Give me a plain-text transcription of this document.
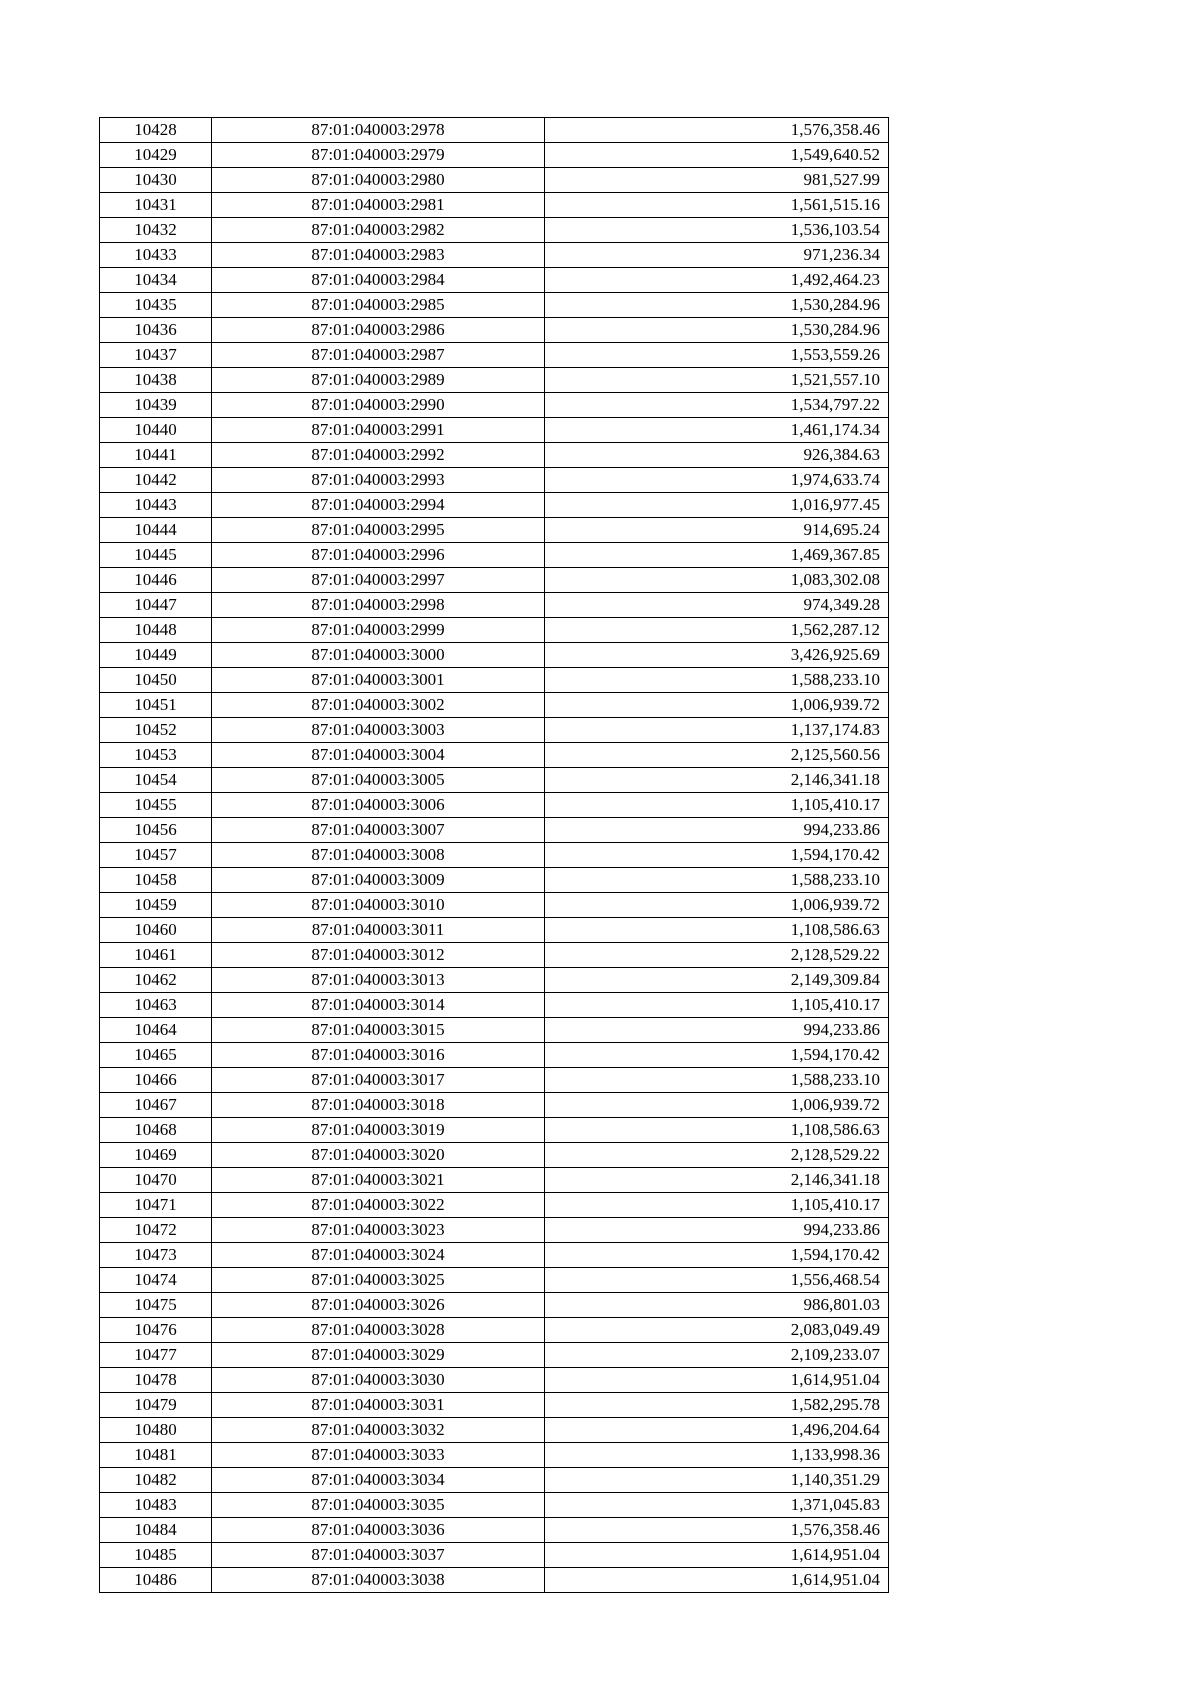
10428	87:01:040003:2978	1,576,358.46
10429	87:01:040003:2979	1,549,640.52
10430	87:01:040003:2980	981,527.99
10431	87:01:040003:2981	1,561,515.16
10432	87:01:040003:2982	1,536,103.54
10433	87:01:040003:2983	971,236.34
10434	87:01:040003:2984	1,492,464.23
10435	87:01:040003:2985	1,530,284.96
10436	87:01:040003:2986	1,530,284.96
10437	87:01:040003:2987	1,553,559.26
10438	87:01:040003:2989	1,521,557.10
10439	87:01:040003:2990	1,534,797.22
10440	87:01:040003:2991	1,461,174.34
10441	87:01:040003:2992	926,384.63
10442	87:01:040003:2993	1,974,633.74
10443	87:01:040003:2994	1,016,977.45
10444	87:01:040003:2995	914,695.24
10445	87:01:040003:2996	1,469,367.85
10446	87:01:040003:2997	1,083,302.08
10447	87:01:040003:2998	974,349.28
10448	87:01:040003:2999	1,562,287.12
10449	87:01:040003:3000	3,426,925.69
10450	87:01:040003:3001	1,588,233.10
10451	87:01:040003:3002	1,006,939.72
10452	87:01:040003:3003	1,137,174.83
10453	87:01:040003:3004	2,125,560.56
10454	87:01:040003:3005	2,146,341.18
10455	87:01:040003:3006	1,105,410.17
10456	87:01:040003:3007	994,233.86
10457	87:01:040003:3008	1,594,170.42
10458	87:01:040003:3009	1,588,233.10
10459	87:01:040003:3010	1,006,939.72
10460	87:01:040003:3011	1,108,586.63
10461	87:01:040003:3012	2,128,529.22
10462	87:01:040003:3013	2,149,309.84
10463	87:01:040003:3014	1,105,410.17
10464	87:01:040003:3015	994,233.86
10465	87:01:040003:3016	1,594,170.42
10466	87:01:040003:3017	1,588,233.10
10467	87:01:040003:3018	1,006,939.72
10468	87:01:040003:3019	1,108,586.63
10469	87:01:040003:3020	2,128,529.22
10470	87:01:040003:3021	2,146,341.18
10471	87:01:040003:3022	1,105,410.17
10472	87:01:040003:3023	994,233.86
10473	87:01:040003:3024	1,594,170.42
10474	87:01:040003:3025	1,556,468.54
10475	87:01:040003:3026	986,801.03
10476	87:01:040003:3028	2,083,049.49
10477	87:01:040003:3029	2,109,233.07
10478	87:01:040003:3030	1,614,951.04
10479	87:01:040003:3031	1,582,295.78
10480	87:01:040003:3032	1,496,204.64
10481	87:01:040003:3033	1,133,998.36
10482	87:01:040003:3034	1,140,351.29
10483	87:01:040003:3035	1,371,045.83
10484	87:01:040003:3036	1,576,358.46
10485	87:01:040003:3037	1,614,951.04
10486	87:01:040003:3038	1,614,951.04
